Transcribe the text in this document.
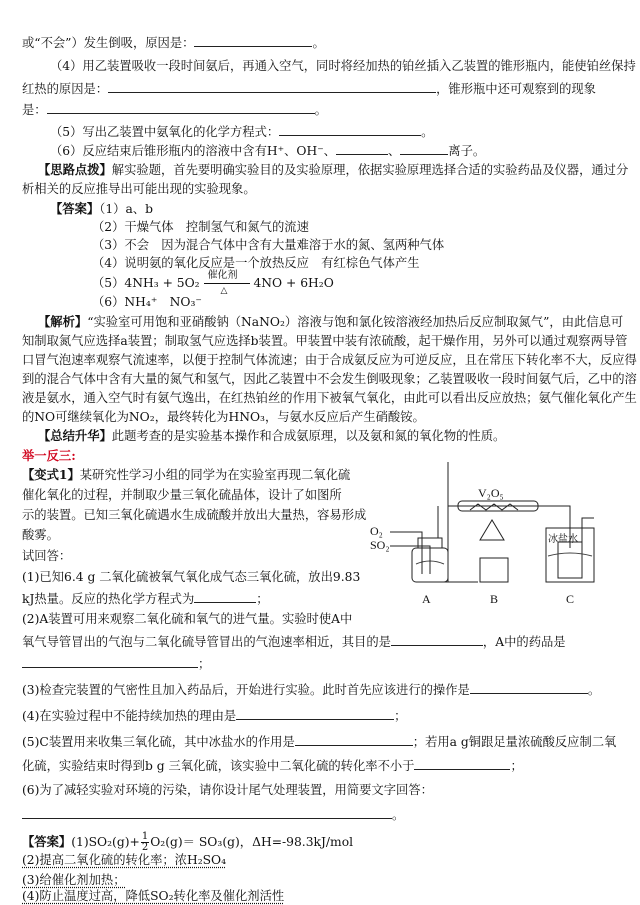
或“不会”）发生倒吸，原因是：	。
（4）用乙装置吸收一段时间氨后，再通入空气，同时将经加热的铂丝插入乙装置的锥形瓶内，能使铂丝保持
红热的原因是：	，锥形瓶中还可观察到的现象
是：	。
（5）写出乙装置中氨氧化的化学方程式：	。
（6）反应结束后锥形瓶内的溶液中含有H⁺、OH⁻、	、	离子。
【思路点拨】解实验题，首先要明确实验目的及实验原理，依据实验原理选择合适的实验药品及仪器，通过分
析相关的反应推导出可能出现的实验现象。
【答案】（1）a、b
（2）干燥气体　控制氢气和氮气的流速
（3）不会　因为混合气体中含有大量难溶于水的氮、氢两种气体
（4）说明氨的氧化反应是一个放热反应　有红棕色气体产生
（5）4NH₃ + 5O₂
催化剂
△
4NO + 6H₂O
（6）NH₄⁺　NO₃⁻
【解析】“实验室可用饱和亚硝酸钠（NaNO₂）溶液与饱和氯化铵溶液经加热后反应制取氮气”，由此信息可
知制取氮气应选择a装置；制取氢气应选择b装置。甲装置中装有浓硫酸，起干燥作用，另外可以通过观察两导管
口冒气泡速率观察气流速率，以便于控制气体流速；由于合成氨反应为可逆反应，且在常压下转化率不大，反应得
到的混合气体中含有大量的氮气和氢气，因此乙装置中不会发生倒吸现象；乙装置吸收一段时间氨气后，乙中的溶
液是氨水，通入空气时有氨气逸出，在红热铂丝的作用下被氧气氧化，由此可以看出反应放热；氨气催化氧化产生
的NO可继续氧化为NO₂，最终转化为HNO₃，与氨水反应后产生硝酸铵。
【总结升华】此题考查的是实验基本操作和合成氨原理，以及氨和氮的氧化物的性质。
举一反三:
【变式1】某研究性学习小组的同学为在实验室再现二氧化硫
催化氧化的过程，并制取少量三氧化硫晶体，设计了如图所
示的装置。已知三氧化硫遇水生成硫酸并放出大量热，容易形成
酸雾。
试回答：
(1)已知6.4 g 二氧化硫被氧气氧化成气态三氧化硫，放出9.83
kJ热量。反应的热化学方程式为	；
(2)A装置可用来观察二氧化硫和氧气的进气量。实验时使A中
氧气导管冒出的气泡与二氧化硫导管冒出的气泡速率相近，其目的是	，A中的药品是
；
(3)检查完装置的气密性且加入药品后，开始进行实验。此时首先应该进行的操作是	。
(4)在实验过程中不能持续加热的理由是	；
(5)C装置用来收集三氧化硫，其中冰盐水的作用是	；若用a g铜跟足量浓硫酸反应制二氧
化硫，实验结束时得到b g 三氧化硫，该实验中二氧化硫的转化率不小于	；
(6)为了减轻实验对环境的污染，请你设计尾气处理装置，用简要文字回答：
。
【答案】$(1)SO_2(g)+ \frac{1}{2} O_2(g)= SO_3(g)$，ΔH=-98.3kJ/mol
(2)提高二氧化硫的转化率；浓H₂SO₄
(3)给催化剂加热；
(4)防止温度过高，降低SO₂转化率及催化剂活性
V₂O₅
O₂
SO₂	冰盐水
A	B	C
